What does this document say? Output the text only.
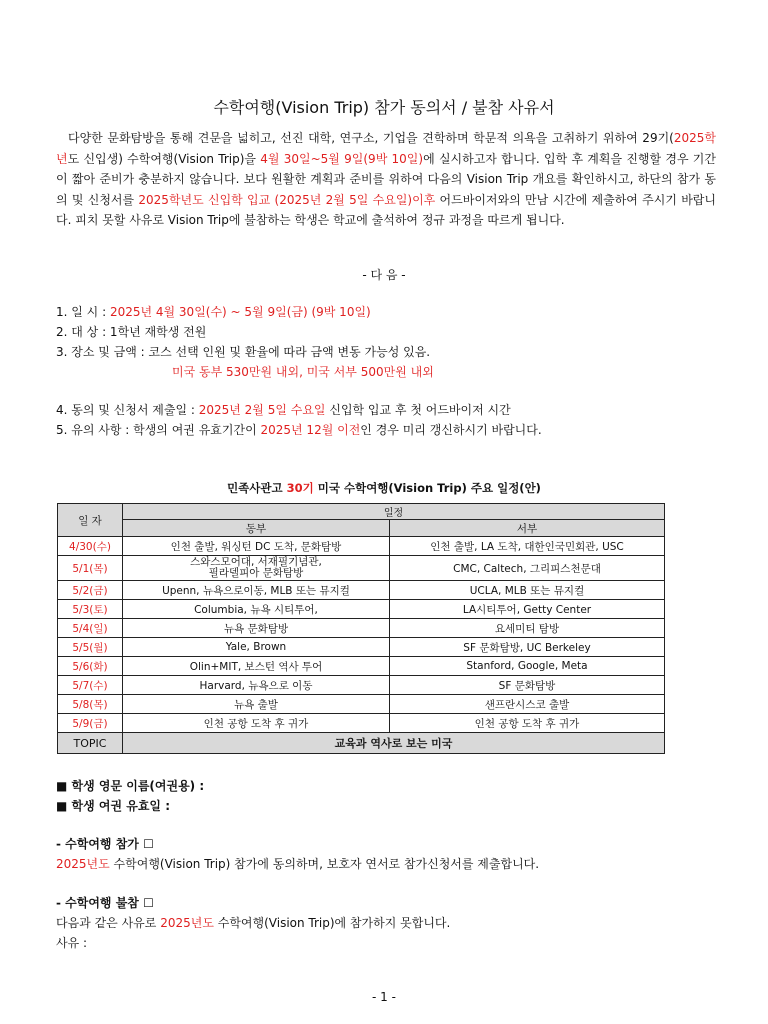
수학여행(Vision Trip) 참가 동의서 / 불참 사유서
다양한 문화탐방을 통해 견문을 넓히고, 선진 대학, 연구소, 기업을 견학하며 학문적 의욕을 고취하기 위하여 29기(2025학년도 신입생) 수학여행(Vision Trip)을 4월 30일~5월 9일(9박 10일)에 실시하고자 합니다. 입학 후 계획을 진행할 경우 기간이 짧아 준비가 충분하지 않습니다. 보다 원활한 계획과 준비를 위하여 다음의 Vision Trip 개요를 확인하시고, 하단의 참가 동의 및 신청서를 2025학년도 신입학 입교 (2025년 2월 5일 수요일)이후 어드바이저와의 만남 시간에 제출하여 주시기 바랍니다. 피치 못할 사유로 Vision Trip에 불참하는 학생은 학교에 출석하여 정규 과정을 따르게 됩니다.
- 다 음 -
1. 일 시 : 2025년 4월 30일(수) ~ 5월 9일(금) (9박 10일)
2. 대 상 : 1학년 재학생 전원
3. 장소 및 금액 : 코스 선택 인원 및 환율에 따라 금액 변동 가능성 있음.
미국 동부 530만원 내외, 미국 서부 500만원 내외
4. 동의 및 신청서 제출일 : 2025년 2월 5일 수요일 신입학 입교 후 첫 어드바이저 시간
5. 유의 사항 : 학생의 여권 유효기간이 2025년 12월 이전인 경우 미리 갱신하시기 바랍니다.
민족사관고 30기 미국 수학여행(Vision Trip) 주요 일정(안)
일 자	일정	
	동부	서부
4/30(수)	인천 출발, 워싱턴 DC 도착, 문화탐방	인천 출발, LA 도착, 대한인국민회관, USC
5/1(목)	스와스모어대, 서재필기념관,
필라델피아 문화탐방	CMC, Caltech, 그리피스천문대
5/2(금)	Upenn, 뉴욕으로이동, MLB 또는 뮤지컬	UCLA, MLB 또는 뮤지컬
5/3(토)	Columbia, 뉴욕 시티투어,	LA시티투어, Getty Center
5/4(일)	뉴욕 문화탐방	요세미티 탐방
5/5(월)	Yale, Brown	SF 문화탐방, UC Berkeley
5/6(화)	Olin+MIT, 보스턴 역사 투어	Stanford, Google, Meta
5/7(수)	Harvard, 뉴욕으로 이동	SF 문화탐방
5/8(목)	뉴욕 출발	샌프란시스코 출발
5/9(금)	인천 공항 도착 후 귀가	인천 공항 도착 후 귀가
TOPIC	교육과 역사로 보는 미국	
■ 학생 영문 이름(여권용) :
■ 학생 여권 유효일 :
- 수학여행 참가 ☐
2025년도 수학여행(Vision Trip) 참가에 동의하며, 보호자 연서로 참가신청서를 제출합니다.
- 수학여행 불참 ☐
다음과 같은 사유로 2025년도 수학여행(Vision Trip)에 참가하지 못합니다.
사유 :
- 1 -
